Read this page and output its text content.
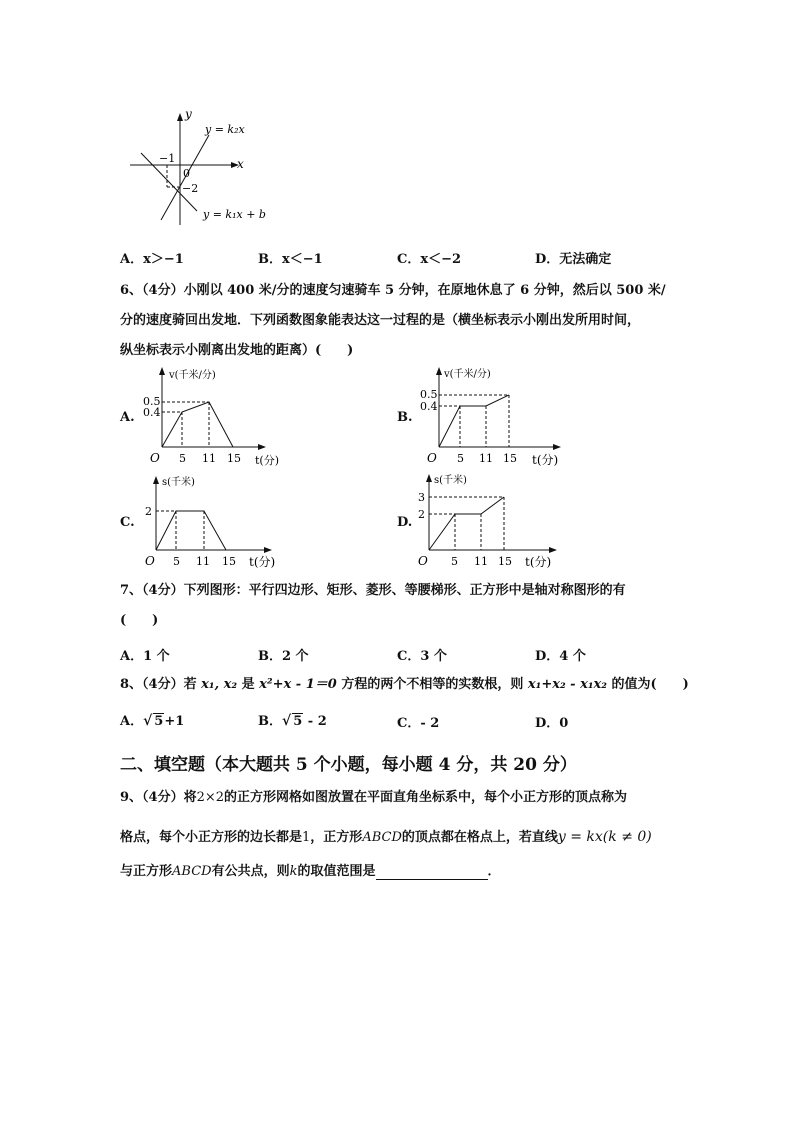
y
x
y = k₂x
y = k₁x + b
−1
0
−2
A．x＞−1	B．x＜−1	C．x＜−2	D．无法确定
6、（4分）小刚以 400 米/分的速度匀速骑车 5 分钟，在原地休息了 6 分钟，然后以 500 米/
分的速度骑回出发地．下列函数图象能表达这一过程的是（横坐标表示小刚出发所用时间，
纵坐标表示小刚离出发地的距离）(　　)
A.
v(千米/分)
0.5
0.4
O 5 11 15 t(分)
B.
v(千米/分)
0.5
0.4
O 5 11 15 t(分)
C.
s(千米)
2
O 5 11 15 t(分)
D.
s(千米)
3
2
O 5 11 15 t(分)
7、（4分）下列图形：平行四边形、矩形、菱形、等腰梯形、正方形中是轴对称图形的有
(　　)
A．1 个	B．2 个	C．3 个	D．4 个
8、（4分）若 x₁, x₂ 是 x²+x - 1＝0 方程的两个不相等的实数根，则 x₁+x₂ - x₁x₂ 的值为(　　)
A．√ 5+1	B．√ 5 - 2	C．- 2	D．0
二、填空题（本大题共 5 个小题，每小题 4 分，共 20 分）
9、（4分）将2×2的正方形网格如图放置在平面直角坐标系中，每个小正方形的顶点称为
格点，每个小正方形的边长都是1，正方形ABCD的顶点都在格点上，若直线y = kx(k ≠ 0)
与正方形ABCD有公共点，则k的取值范围是	．
